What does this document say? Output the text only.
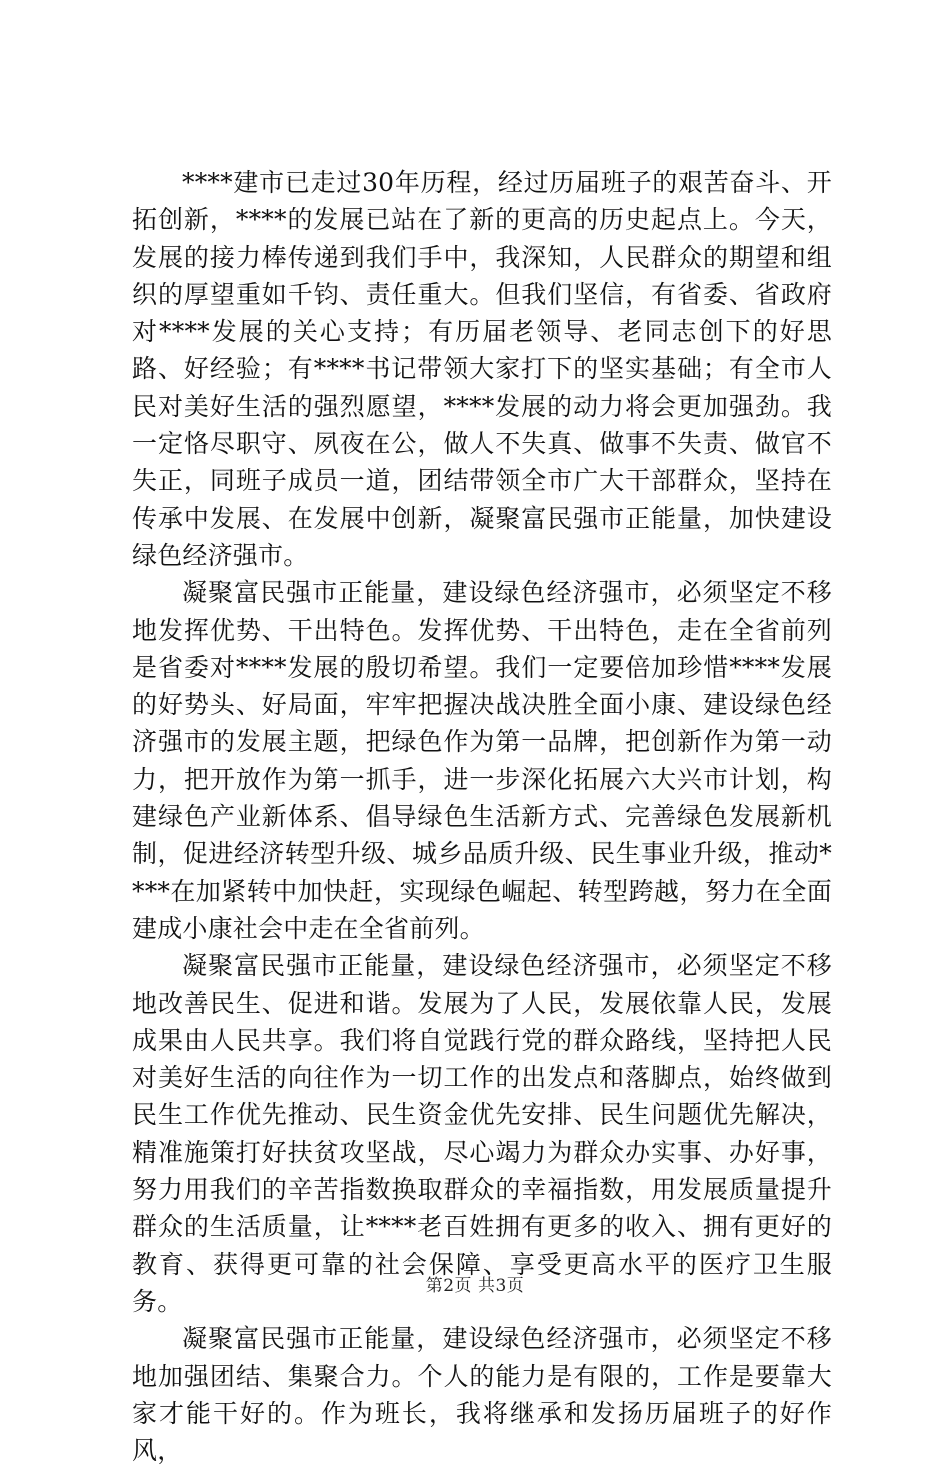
****建市已走过30年历程，经过历届班子的艰苦奋斗、开拓创新，****的发展已站在了新的更高的历史起点上。今天，发展的接力棒传递到我们手中，我深知，人民群众的期望和组织的厚望重如千钧、责任重大。但我们坚信，有省委、省政府对****发展的关心支持；有历届老领导、老同志创下的好思路、好经验；有****书记带领大家打下的坚实基础；有全市人民对美好生活的强烈愿望，****发展的动力将会更加强劲。我一定恪尽职守、夙夜在公，做人不失真、做事不失责、做官不失正，同班子成员一道，团结带领全市广大干部群众，坚持在传承中发展、在发展中创新，凝聚富民强市正能量，加快建设绿色经济强市。

凝聚富民强市正能量，建设绿色经济强市，必须坚定不移地发挥优势、干出特色。发挥优势、干出特色，走在全省前列是省委对****发展的殷切希望。我们一定要倍加珍惜****发展的好势头、好局面，牢牢把握决战决胜全面小康、建设绿色经济强市的发展主题，把绿色作为第一品牌，把创新作为第一动力，把开放作为第一抓手，进一步深化拓展六大兴市计划，构建绿色产业新体系、倡导绿色生活新方式、完善绿色发展新机制，促进经济转型升级、城乡品质升级、民生事业升级，推动****在加紧转中加快赶，实现绿色崛起、转型跨越，努力在全面建成小康社会中走在全省前列。

凝聚富民强市正能量，建设绿色经济强市，必须坚定不移地改善民生、促进和谐。发展为了人民，发展依靠人民，发展成果由人民共享。我们将自觉践行党的群众路线，坚持把人民对美好生活的向往作为一切工作的出发点和落脚点，始终做到民生工作优先推动、民生资金优先安排、民生问题优先解决，精准施策打好扶贫攻坚战，尽心竭力为群众办实事、办好事，努力用我们的辛苦指数换取群众的幸福指数，用发展质量提升群众的生活质量，让****老百姓拥有更多的收入、拥有更好的教育、获得更可靠的社会保障、享受更高水平的医疗卫生服务。

凝聚富民强市正能量，建设绿色经济强市，必须坚定不移地加强团结、集聚合力。个人的能力是有限的，工作是要靠大家才能干好的。作为班长，我将继承和发扬历届班子的好作风，

第2页 共3页
